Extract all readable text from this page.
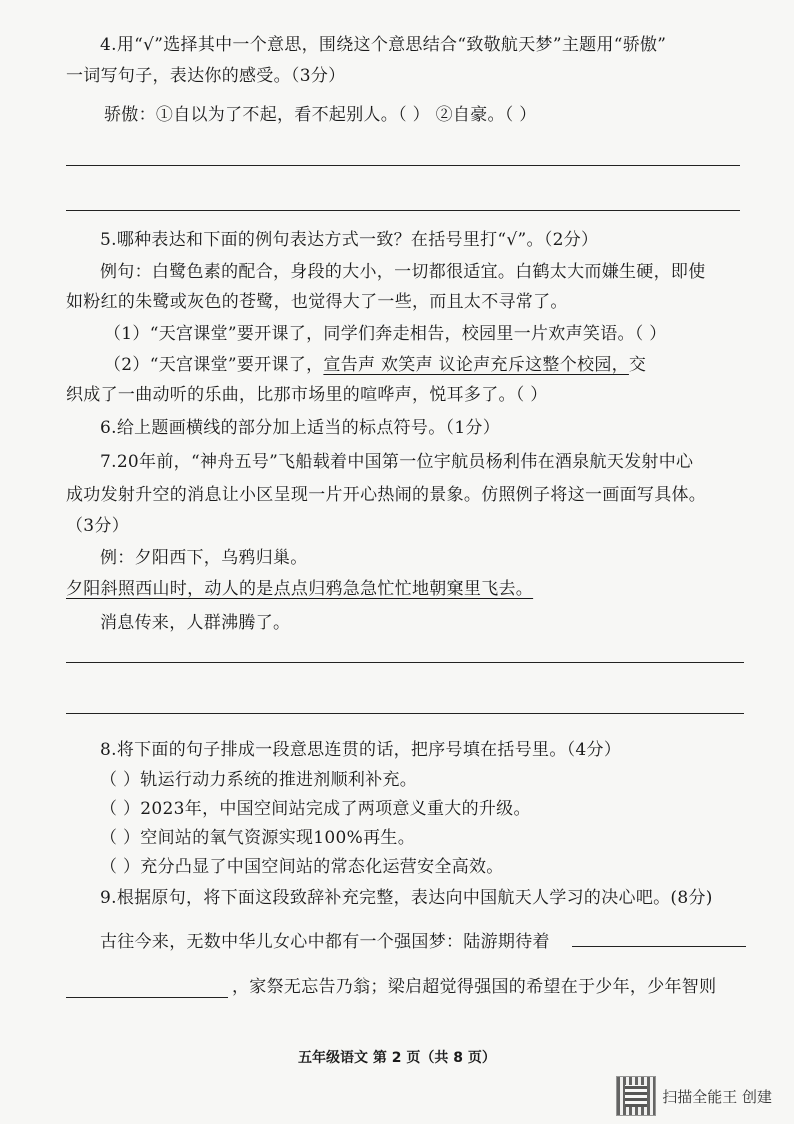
4.用“√”选择其中一个意思，围绕这个意思结合“致敬航天梦”主题用“骄傲”
一词写句子，表达你的感受。（3分）
骄傲：①自以为了不起，看不起别人。（ ） ②自豪。（ ）
5.哪种表达和下面的例句表达方式一致？在括号里打“√”。（2分）
例句：白鹭色素的配合，身段的大小，一切都很适宜。白鹤太大而嫌生硬，即使
如粉红的朱鹭或灰色的苍鹭，也觉得大了一些，而且太不寻常了。
（1）“天宫课堂”要开课了，同学们奔走相告，校园里一片欢声笑语。（ ）
（2）“天宫课堂”要开课了，宣告声 欢笑声 议论声充斥这整个校园，交
织成了一曲动听的乐曲，比那市场里的喧哗声，悦耳多了。（ ）
6.给上题画横线的部分加上适当的标点符号。（1分）
7.20年前，“神舟五号”飞船载着中国第一位宇航员杨利伟在酒泉航天发射中心
成功发射升空的消息让小区呈现一片开心热闹的景象。仿照例子将这一画面写具体。
（3分）
例：夕阳西下，乌鸦归巢。
夕阳斜照西山时，动人的是点点归鸦急急忙忙地朝窠里飞去。
消息传来，人群沸腾了。
8.将下面的句子排成一段意思连贯的话，把序号填在括号里。（4分）
（ ）轨运行动力系统的推进剂顺利补充。
（ ）2023年，中国空间站完成了两项意义重大的升级。
（ ）空间站的氧气资源实现100%再生。
（ ）充分凸显了中国空间站的常态化运营安全高效。
9.根据原句，将下面这段致辞补充完整，表达向中国航天人学习的决心吧。(8分)
古往今来，无数中华儿女心中都有一个强国梦：陆游期待着
，家祭无忘告乃翁；梁启超觉得强国的希望在于少年，少年智则
五年级语文 第 2 页（共 8 页）
扫描全能王 创建
